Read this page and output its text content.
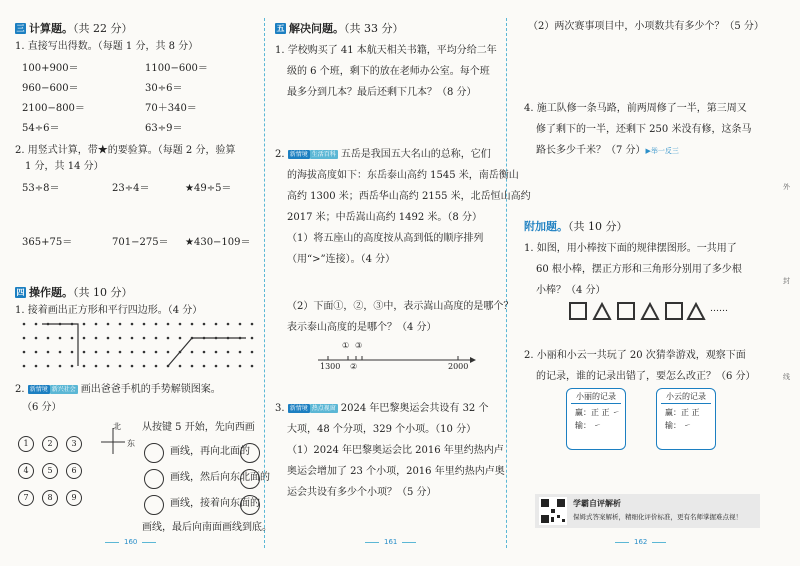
三 计算题。（共 22 分）
1. 直接写出得数。（每题 1 分，共 8 分）
100+900＝	1100−600＝
960−600＝	30÷6＝
2100−800＝	70＋340＝
54÷6＝	63÷9＝
2. 用竖式计算，带★的要验算。（每题 2 分，验算
1 分，共 14 分）
53÷8＝	23÷4＝	★49÷5＝
365+75＝	701−275＝ ★430−109＝
四 操作题。（共 10 分）
1. 接着画出正方形和平行四边形。（4 分）
2. 新情境 新兴社会 画出爸爸手机的手势解锁图案。
（6 分）
1	2	3
4	5	6
7	8	9
北
东
从按键 5 开始，先向西画
画线，再向北面的
画线，然后向东北面的
画线，接着向东面的
画线，最后向南面画线到底。
160
五 解决问题。（共 33 分）
1. 学校购买了 41 本航天相关书籍，平均分给二年
级的 6 个班，剩下的放在老师办公室。每个班
最多分到几本？最后还剩下几本？（8 分）
2. 新情境 生活百科 五岳是我国五大名山的总称，它们
的海拔高度如下：东岳泰山高约 1545 米，南岳衡山
高约 1300 米；西岳华山高约 2155 米，北岳恒山高约
2017 米；中岳嵩山高约 1492 米。（8 分）
（1）将五座山的高度按从高到低的顺序排列
（用“>”连接）。（4 分）
（2）下面①，②，③中，表示嵩山高度的是哪个？
表示泰山高度的是哪个？（4 分）
① ③
②
1300	2000
3. 新情境 热点视窗 2024 年巴黎奥运会共设有 32 个
大项，48 个分项，329 个小项。（10 分）
（1）2024 年巴黎奥运会比 2016 年里约热内卢
奥运会增加了 23 个小项，2016 年里约热内卢奥
运会共设有多少个小项？（5 分）
161
（2）两次赛事项目中，小项数共有多少个？（5 分）
4. 施工队修一条马路，前两周修了一半，第三周又
修了剩下的一半，还剩下 250 米没有修，这条马
路长多少千米？（7 分）▶举一反三
附加题。（共 10 分）
1. 如图，用小棒按下面的规律摆图形。一共用了
60 根小棒，摆正方形和三角形分别用了多少根
小棒？（4 分）
……
2. 小丽和小云一共玩了 20 次猜拳游戏，观察下面
的记录，谁的记录出错了，要怎么改正？（6 分）
小丽的记录
赢：正 正 ㇀
输： ㇀
小云的记录
赢：正 正
输： ㇀
162
学霸自评解析
保姆式答案解析，精细化评价标准，更有名师掌握难点视！
外
封
线
